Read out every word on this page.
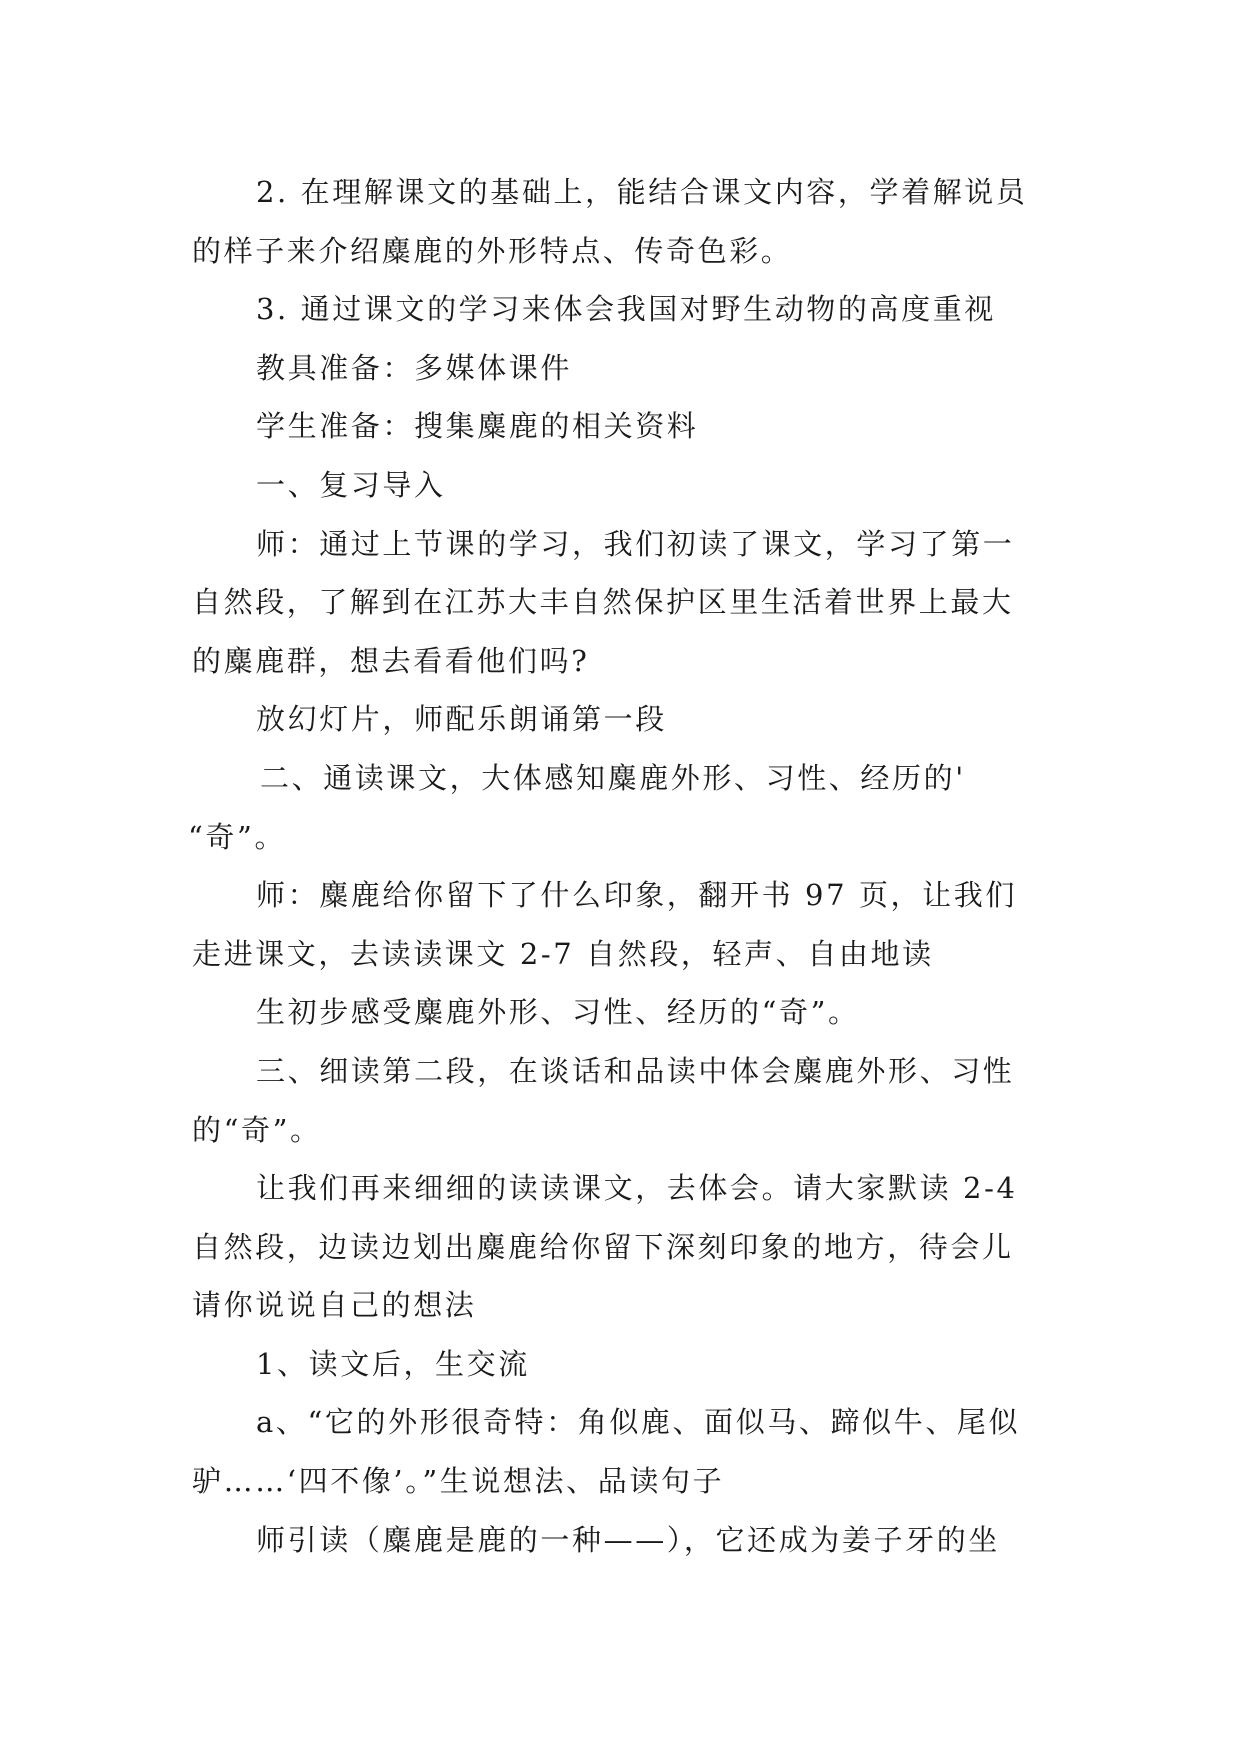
2. 在理解课文的基础上，能结合课文内容，学着解说员
的样子来介绍麋鹿的外形特点、传奇色彩。
3. 通过课文的学习来体会我国对野生动物的高度重视
教具准备：多媒体课件
学生准备：搜集麋鹿的相关资料
一、复习导入
师：通过上节课的学习，我们初读了课文，学习了第一
自然段，了解到在江苏大丰自然保护区里生活着世界上最大
的麋鹿群，想去看看他们吗?
放幻灯片，师配乐朗诵第一段
二、通读课文，大体感知麋鹿外形、习性、经历的'
“奇”。
师：麋鹿给你留下了什么印象，翻开书 97 页，让我们
走进课文，去读读课文 2-7 自然段，轻声、自由地读
生初步感受麋鹿外形、习性、经历的“奇”。
三、细读第二段，在谈话和品读中体会麋鹿外形、习性
的“奇”。
让我们再来细细的读读课文，去体会。请大家默读 2-4
自然段，边读边划出麋鹿给你留下深刻印象的地方，待会儿
请你说说自己的想法
1、读文后，生交流
a、“它的外形很奇特：角似鹿、面似马、蹄似牛、尾似
驴……‘四不像’。”生说想法、品读句子
师引读（麋鹿是鹿的一种——），它还成为姜子牙的坐
